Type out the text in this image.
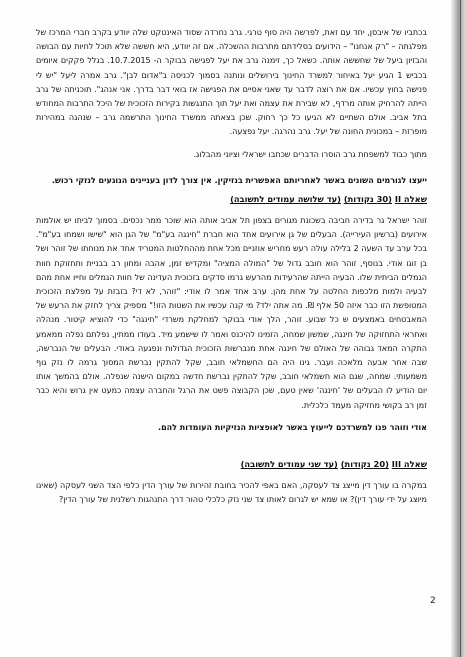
בכתביו של איבסן, יחד עם זאת, לפרשה היה סוף טרגי. גרב נחרדה שסוד האינטקט שלה יוודע בקרב חברי המרכז של מפלגתה – "רק אנחנו" – הידועים בסלידתם מתרבות ההשכלה. אם זה יוודע, היא חששה שלא תוכל לחיות עם הבושה והבזיון ביעל של שחששה אותה. כשאל כך, זימנה גרב את יעל לפגישה בבוקר ה- 10.7.2015. בגלל פקקים איומים בכביש 1 הגיע יעל באיחור למשרד החינוך בירושלים ונותנה בסמוך לכניסה ב"אדום לבן". גרב אמרה ליעל "יש לי פנישה בחוץ עכשיו. אם את רוצה לדבר עד שאני אסיים את הפגישה אז בואי דבר בדרך. אני אנהג". תוכניתה של גרב הייתה להרחיק אותה מרדף, לא שבירת את עצמה ואת יעל תוך התנגשות בקירות הזכוכית של היכל התרבות המחודש בתל אביב. אולם השתיים לא הגיעו כל כך רחוק. שכן בצאתה ממשרד החינוך התרשמה גרב – שנהגה במהירות מופרזת – במכונית החונה של יעל. גרב נהרגה. יעל נפצעה.

מתוך כבוד למשפחת גרב הוסרו הדברים שכתבו ישראלי וציוני מהבלוג.

ייעצו לגורמים השונים באשר לאחריותם האפשרית בנזיקין. אין צורך לדון בעניינים הנוגעים לנזקי רכוש.

שאלה II (30 נקודות) (עד שלושה עמודים לתשובה)

זוהר ישראל גר בדירה חביבה בשכונת מגורים בצפון תל אביב אותה הוא שוכר ממר נכסים. בסמוך לביתו יש אולמות אירועים (ברשיון העירייה). הבעלים של גן אירועים אחד הוא חברת "חינגה בע"מ" של הגן הוא "שישו ושמחו בע"מ". בכל ערב עד השעה 2 בלילה עולה רעש מחריש אוזניים מכל אחת מההחלטות המטריד אחד את מנוחתו של זוהר ושל בן זוגו אודי. בנוסף, זוהר הוא חובב גדול של "המולה המציה" ומקדיש זמן, אהבה ומחון רב בבניית ותחזוקת חוות הגמלים הביתית שלו. הבעיה הייתה שהרעידות מהרעש גרמו סדקים בזכוכית העדינה של חוות הגמלים וחייו אחת מהם לבעיה ולמות מלכפות החלטה על אחת מהן. ערב אחד אמר לו אודי: "זוהר, לא די? בזבזת על מפלצת הזכוכית המטופשת הזו כבר איזה 50 אלף ₪. מה אתה ילד? מי קנה עכשיו את השטות הזו!" מספיק צריך לחזק את הרעש של המאבטחים באמצעים ש כל שבוע. זוהר, הלך אודי בבוקר למחלקת משרדי "חינגה" כדי להוציא קיטור. מנהלה ואחראי התחזוקה של חינגה, שמשון שמחה, הזמינו להיכנס ואמר לו שישמע מיד. בעודו ממתין, נפלתם נפלה ממאמע התקרה המאד גבוהה של האולם של חינגה אחת מנברשות הזכוכית הגדולות ונפגעה באודי. הבעלים של הנברשה, שבה אחר אבעה מלאכה ועבר. גינו היה הם החשמלאי חובב, שקל להתקין נברשת המסוך גרמה לו נזק גוף משמעותי. שמחה, שגם הוא חשמלאי חובב, שקל להתקין נברשת חדשה במקום הישנה שנפלה. אולם בהמשך אותו יום הודיע לו הבעלים של 'חינגה' שאין טעם, שכן הקבוצה פשט את הרגל והחברה עצמה כמעט אין גרוש והיא כבר זמן רב בקושי מחזיקה מעמד כלכלית.

אודי וזוהר פנו למשרדכם לייעוץ באשר לאופציות הנזיקיות העומדות להם.

שאלה III (20 נקודות) (עד שני עמודים לתשובה)

במקרה בו עורך דין מייצג צד לעסקה, האם באפי להכיר בחובת זהירות של עורך הדין כלפי הצד השני לעסקה (שאינו מיוצג על ידי עורך דין)? או שמא יש לגרום לאותו צד שני נזק כלכלי טהור דרך התנהגות רשלנית של עורך הדין?

2
